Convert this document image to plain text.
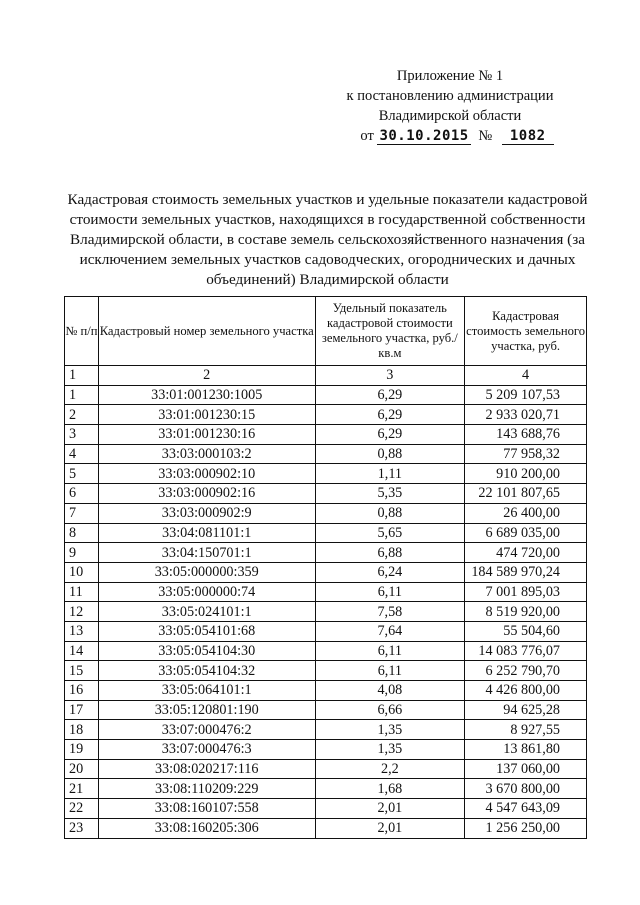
Приложение № 1
к постановлению администрации
Владимирской области
от 30.10.2015 № 1082
Кадастровая стоимость земельных участков и удельные показатели кадастровой стоимости земельных участков, находящихся в государственной собственности Владимирской области, в составе земель сельскохозяйственного назначения (за исключением земельных участков садоводческих, огороднических и дачных объединений) Владимирской области
№ п/п	Кадастровый номер земельного участка	Удельный показатель кадастровой стоимости земельного участка, руб./кв.м	Кадастровая стоимость земельного участка, руб.
1	2	3	4
1	33:01:001230:1005	6,29	5 209 107,53
2	33:01:001230:15	6,29	2 933 020,71
3	33:01:001230:16	6,29	143 688,76
4	33:03:000103:2	0,88	77 958,32
5	33:03:000902:10	1,11	910 200,00
6	33:03:000902:16	5,35	22 101 807,65
7	33:03:000902:9	0,88	26 400,00
8	33:04:081101:1	5,65	6 689 035,00
9	33:04:150701:1	6,88	474 720,00
10	33:05:000000:359	6,24	184 589 970,24
11	33:05:000000:74	6,11	7 001 895,03
12	33:05:024101:1	7,58	8 519 920,00
13	33:05:054101:68	7,64	55 504,60
14	33:05:054104:30	6,11	14 083 776,07
15	33:05:054104:32	6,11	6 252 790,70
16	33:05:064101:1	4,08	4 426 800,00
17	33:05:120801:190	6,66	94 625,28
18	33:07:000476:2	1,35	8 927,55
19	33:07:000476:3	1,35	13 861,80
20	33:08:020217:116	2,2	137 060,00
21	33:08:110209:229	1,68	3 670 800,00
22	33:08:160107:558	2,01	4 547 643,09
23	33:08:160205:306	2,01	1 256 250,00
